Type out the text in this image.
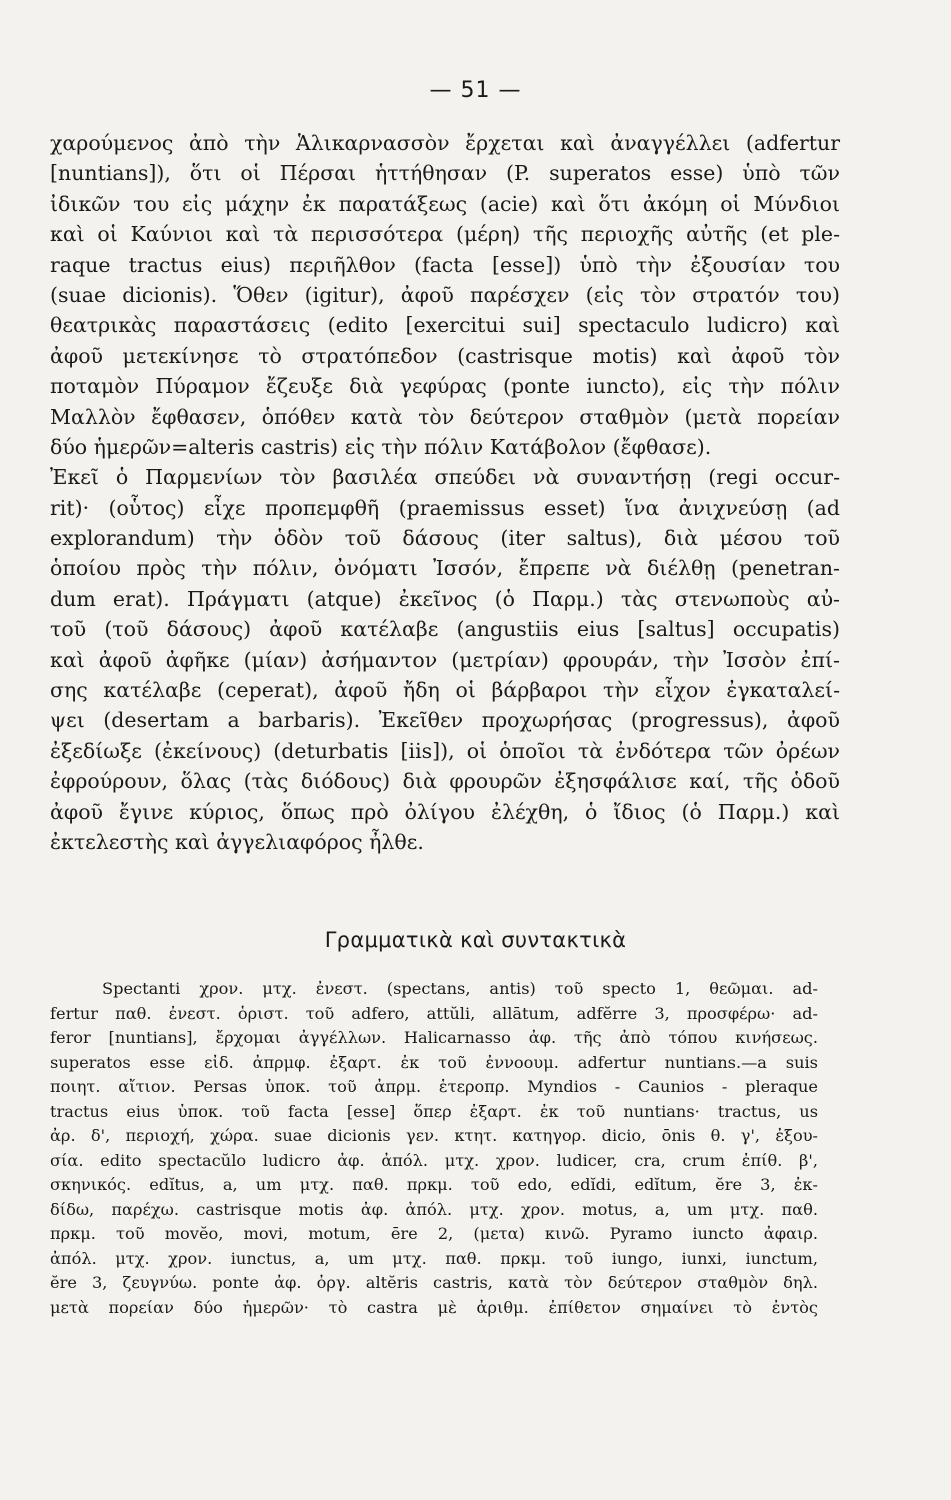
— 51 —
χαρούμενος ἀπὸ τὴν Ἁλικαρνασσὸν ἔρχεται καὶ ἀναγγέλλει (adfertur
[nuntians]), ὅτι οἱ Πέρσαι ἡττήθησαν (P. superatos esse) ὑπὸ τῶν
ἰδικῶν του εἰς μάχην ἐκ παρατάξεως (acie) καὶ ὅτι ἀκόμη οἱ Μύνδιοι
καὶ οἱ Καύνιοι καὶ τὰ περισσότερα (μέρη) τῆς περιοχῆς αὐτῆς (et ple-
raque tractus eius) περιῆλθον (facta [esse]) ὑπὸ τὴν ἐξουσίαν του
(suae dicionis). Ὅθεν (igitur), ἀφοῦ παρέσχεν (εἰς τὸν στρατόν του)
θεατρικὰς παραστάσεις (edito [exercitui sui] spectaculo ludicro) καὶ
ἀφοῦ μετεκίνησε τὸ στρατόπεδον (castrisque motis) καὶ ἀφοῦ τὸν
ποταμὸν Πύραμον ἔζευξε διὰ γεφύρας (ponte iuncto), εἰς τὴν πόλιν
Μαλλὸν ἔφθασεν, ὁπόθεν κατὰ τὸν δεύτερον σταθμὸν (μετὰ πορείαν
δύο ἡμερῶν=alteris castris) εἰς τὴν πόλιν Κατάβολον (ἔφθασε).
Ἐκεῖ ὁ Παρμενίων τὸν βασιλέα σπεύδει νὰ συναντήσῃ (regi occur-
rit)· (οὗτος) εἶχε προπεμφθῆ (praemissus esset) ἵνα ἀνιχνεύσῃ (ad
explorandum) τὴν ὁδὸν τοῦ δάσους (iter saltus), διὰ μέσου τοῦ
ὁποίου πρὸς τὴν πόλιν, ὀνόματι Ἰσσόν, ἔπρεπε νὰ διέλθῃ (penetran-
dum erat). Πράγματι (atque) ἐκεῖνος (ὁ Παρμ.) τὰς στενωποὺς αὐ-
τοῦ (τοῦ δάσους) ἀφοῦ κατέλαβε (angustiis eius [saltus] occupatis)
καὶ ἀφοῦ ἀφῆκε (μίαν) ἀσήμαντον (μετρίαν) φρουράν, τὴν Ἰσσὸν ἐπί-
σης κατέλαβε (ceperat), ἀφοῦ ἤδη οἱ βάρβαροι τὴν εἶχον ἐγκαταλεί-
ψει (desertam a barbaris). Ἐκεῖθεν προχωρήσας (progressus), ἀφοῦ
ἐξεδίωξε (ἐκείνους) (deturbatis [iis]), οἱ ὁποῖοι τὰ ἐνδότερα τῶν ὀρέων
ἐφρούρουν, ὅλας (τὰς διόδους) διὰ φρουρῶν ἐξησφάλισε καί, τῆς ὁδοῦ
ἀφοῦ ἔγινε κύριος, ὅπως πρὸ ὀλίγου ἐλέχθη, ὁ ἴδιος (ὁ Παρμ.) καὶ
ἐκτελεστὴς καὶ ἀγγελιαφόρος ἦλθε.
Γραμματικὰ καὶ συντακτικὰ
Spectanti χρον. μτχ. ἐνεστ. (spectans, antis) τοῦ specto 1, θεῶμαι. ad-
fertur παθ. ἐνεστ. ὁριστ. τοῦ adfero, attŭli, allātum, adfĕrre 3, προσφέρω· ad-
feror [nuntians], ἔρχομαι ἀγγέλλων. Halicarnasso ἀφ. τῆς ἀπὸ τόπου κινήσεως.
superatos esse εἰδ. ἀπρμφ. ἐξαρτ. ἐκ τοῦ ἐννοουμ. adfertur nuntians.—a suis
ποιητ. αἴτιον. Persas ὑποκ. τοῦ ἀπρμ. ἑτεροπρ. Myndios - Caunios - pleraque
tractus eius ὑποκ. τοῦ facta [esse] ὅπερ ἐξαρτ. ἐκ τοῦ nuntians· tractus, us
ἀρ. δ', περιοχή, χώρα. suae dicionis γεν. κτητ. κατηγορ. dicio, ōnis θ. γ', ἐξου-
σία. edito spectacŭlo ludicro ἀφ. ἀπόλ. μτχ. χρον. ludicer, cra, crum ἐπίθ. β',
σκηνικός. edĭtus, a, um μτχ. παθ. πρκμ. τοῦ edo, edĭdi, edĭtum, ĕre 3, ἐκ-
δίδω, παρέχω. castrisque motis ἀφ. ἀπόλ. μτχ. χρον. motus, a, um μτχ. παθ.
πρκμ. τοῦ movĕo, movi, motum, ēre 2, (μετα) κινῶ. Pyramo iuncto ἀφαιρ.
ἀπόλ. μτχ. χρον. iunctus, a, um μτχ. παθ. πρκμ. τοῦ iungo, iunxi, iunctum,
ĕre 3, ζευγνύω. ponte ἀφ. ὀργ. altĕris castris, κατὰ τὸν δεύτερον σταθμὸν δηλ.
μετὰ πορείαν δύο ἡμερῶν· τὸ castra μὲ ἀριθμ. ἐπίθετον σημαίνει τὸ ἐντὸς
